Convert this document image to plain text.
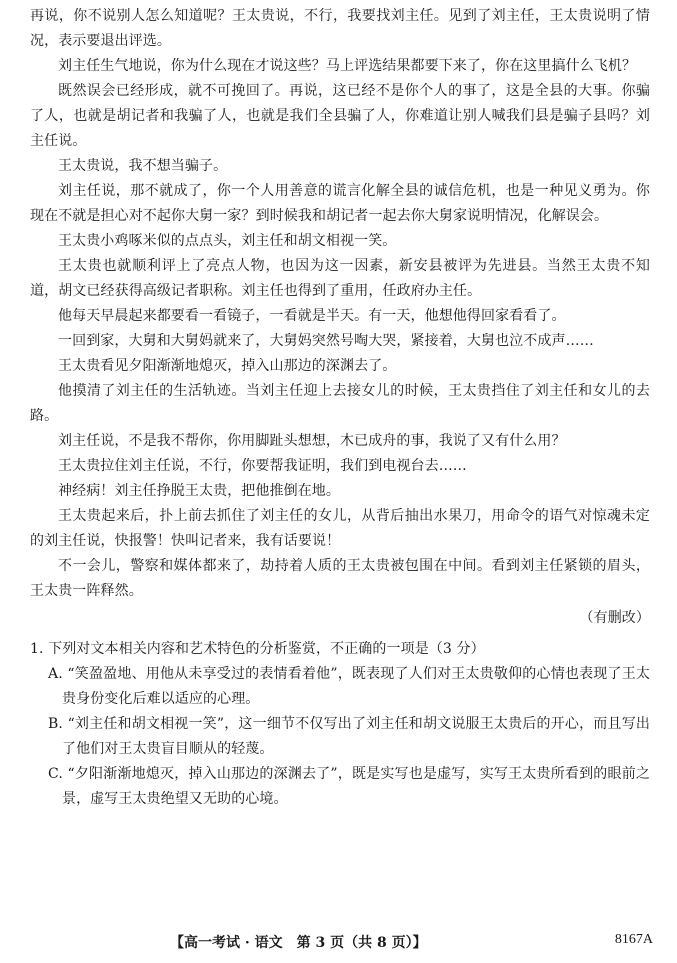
再说，你不说别人怎么知道呢？王太贵说，不行，我要找刘主任。见到了刘主任，王太贵说明了情况，表示要退出评选。

刘主任生气地说，你为什么现在才说这些？马上评选结果都要下来了，你在这里搞什么飞机？

既然误会已经形成，就不可挽回了。再说，这已经不是你个人的事了，这是全县的大事。你骗了人，也就是胡记者和我骗了人，也就是我们全县骗了人，你难道让别人喊我们县是骗子县吗？刘主任说。

王太贵说，我不想当骗子。

刘主任说，那不就成了，你一个人用善意的谎言化解全县的诚信危机，也是一种见义勇为。你现在不就是担心对不起你大舅一家？到时候我和胡记者一起去你大舅家说明情况，化解误会。

王太贵小鸡啄米似的点点头，刘主任和胡文相视一笑。

王太贵也就顺利评上了亮点人物，也因为这一因素，新安县被评为先进县。当然王太贵不知道，胡文已经获得高级记者职称。刘主任也得到了重用，任政府办主任。

他每天早晨起来都要看一看镜子，一看就是半天。有一天，他想他得回家看看了。

一回到家，大舅和大舅妈就来了，大舅妈突然号啕大哭，紧接着，大舅也泣不成声……

王太贵看见夕阳渐渐地熄灭，掉入山那边的深渊去了。

他摸清了刘主任的生活轨迹。当刘主任迎上去接女儿的时候，王太贵挡住了刘主任和女儿的去路。

刘主任说，不是我不帮你，你用脚趾头想想，木已成舟的事，我说了又有什么用？

王太贵拉住刘主任说，不行，你要帮我证明，我们到电视台去……

神经病！刘主任挣脱王太贵，把他推倒在地。

王太贵起来后，扑上前去抓住了刘主任的女儿，从背后抽出水果刀，用命令的语气对惊魂未定的刘主任说，快报警！快叫记者来，我有话要说！

不一会儿，警察和媒体都来了，劫持着人质的王太贵被包围在中间。看到刘主任紧锁的眉头，王太贵一阵释然。

（有删改）

1. 下列对文本相关内容和艺术特色的分析鉴赏，不正确的一项是（3 分）

A. “笑盈盈地、用他从未享受过的表情看着他”，既表现了人们对王太贵敬仰的心情也表现了王太贵身份变化后难以适应的心理。

B. “刘主任和胡文相视一笑”，这一细节不仅写出了刘主任和胡文说服王太贵后的开心，而且写出了他们对王太贵盲目顺从的轻蔑。

C. “夕阳渐渐地熄灭，掉入山那边的深渊去了”，既是实写也是虚写，实写王太贵所看到的眼前之景，虚写王太贵绝望又无助的心境。

【高一考试 · 语文　第 3 页（共 8 页）】	8167A
